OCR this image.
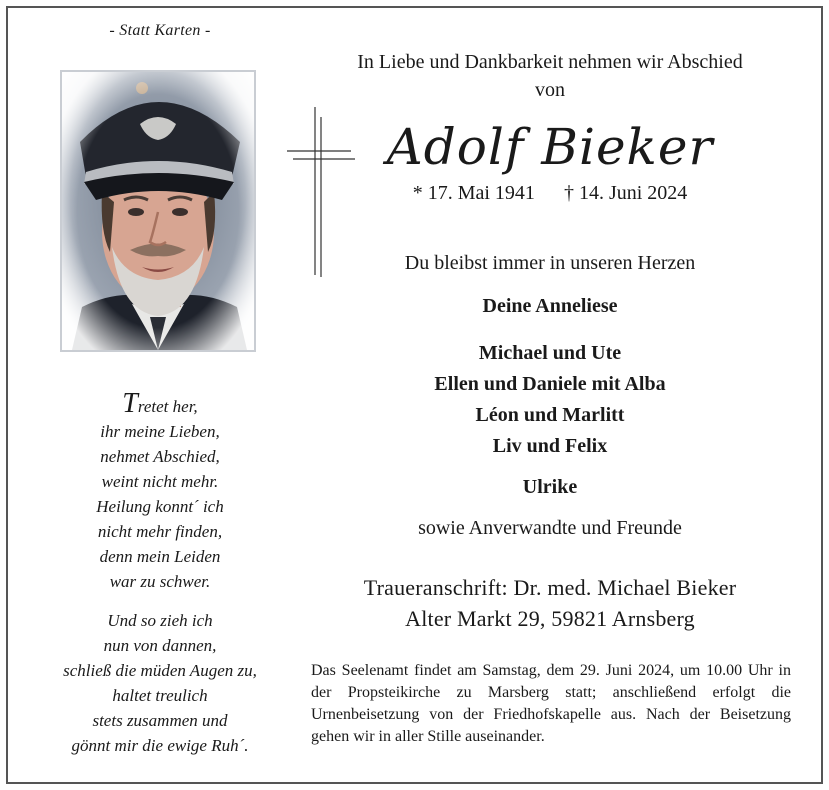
- Statt Karten -
Tretet her,
ihr meine Lieben,
nehmet Abschied,
weint nicht mehr.
Heilung konnt´ ich
nicht mehr finden,
denn mein Leiden
war zu schwer.
Und so zieh ich
nun von dannen,
schließ die müden Augen zu,
haltet treulich
stets zusammen und
gönnt mir die ewige Ruh´.
In Liebe und Dankbarkeit nehmen wir Abschied
von
Adolf Bieker
* 17. Mai 1941 † 14. Juni 2024
Du bleibst immer in unseren Herzen
Deine Anneliese
Michael und Ute
Ellen und Daniele mit Alba
Léon und Marlitt
Liv und Felix
Ulrike
sowie Anverwandte und Freunde
Traueranschrift: Dr. med. Michael Bieker
Alter Markt 29, 59821 Arnsberg
Das Seelenamt findet am Samstag, dem 29. Juni 2024, um 10.00 Uhr in der Propsteikirche zu Marsberg statt; anschließend erfolgt die Urnenbeisetzung von der Friedhofskapelle aus. Nach der Beisetzung gehen wir in aller Stille auseinander.
